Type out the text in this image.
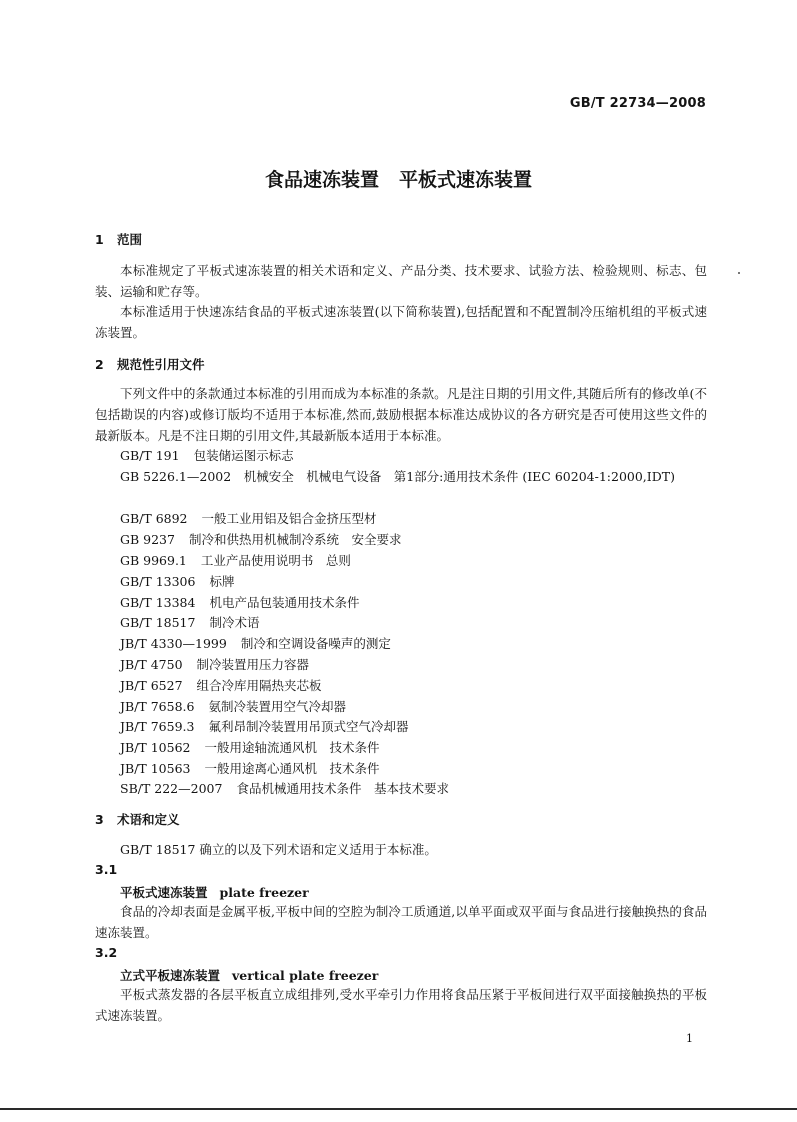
GB/T 22734—2008
食品速冻装置 平板式速冻装置
1 范围
本标准规定了平板式速冻装置的相关术语和定义、产品分类、技术要求、试验方法、检验规则、标志、包装、运输和贮存等。
本标准适用于快速冻结食品的平板式速冻装置(以下简称装置),包括配置和不配置制冷压缩机组的平板式速冻装置。
2 规范性引用文件
下列文件中的条款通过本标准的引用而成为本标准的条款。凡是注日期的引用文件,其随后所有的修改单(不包括勘误的内容)或修订版均不适用于本标准,然而,鼓励根据本标准达成协议的各方研究是否可使用这些文件的最新版本。凡是不注日期的引用文件,其最新版本适用于本标准。
GB/T 191 包装储运图示标志
GB 5226.1—2002　 机械安全　机械电气设备　第1部分:通用技术条件 (IEC 60204-1:2000,IDT)
GB/T 6892 一般工业用铝及铝合金挤压型材
GB 9237 制冷和供热用机械制冷系统　安全要求
GB 9969.1 工业产品使用说明书　总则
GB/T 13306 标牌
GB/T 13384 机电产品包装通用技术条件
GB/T 18517 制冷术语
JB/T 4330—1999 制冷和空调设备噪声的测定
JB/T 4750 制冷装置用压力容器
JB/T 6527 组合冷库用隔热夹芯板
JB/T 7658.6 氨制冷装置用空气冷却器
JB/T 7659.3 氟利昂制冷装置用吊顶式空气冷却器
JB/T 10562 一般用途轴流通风机　技术条件
JB/T 10563 一般用途离心通风机　技术条件
SB/T 222—2007 食品机械通用技术条件　基本技术要求
3 术语和定义
GB/T 18517 确立的以及下列术语和定义适用于本标准。
3.1
平板式速冻装置 plate freezer
食品的冷却表面是金属平板,平板中间的空腔为制冷工质通道,以单平面或双平面与食品进行接触换热的食品速冻装置。
3.2
立式平板速冻装置 vertical plate freezer
平板式蒸发器的各层平板直立成组排列,受水平牵引力作用将食品压紧于平板间进行双平面接触换热的平板式速冻装置。
1
